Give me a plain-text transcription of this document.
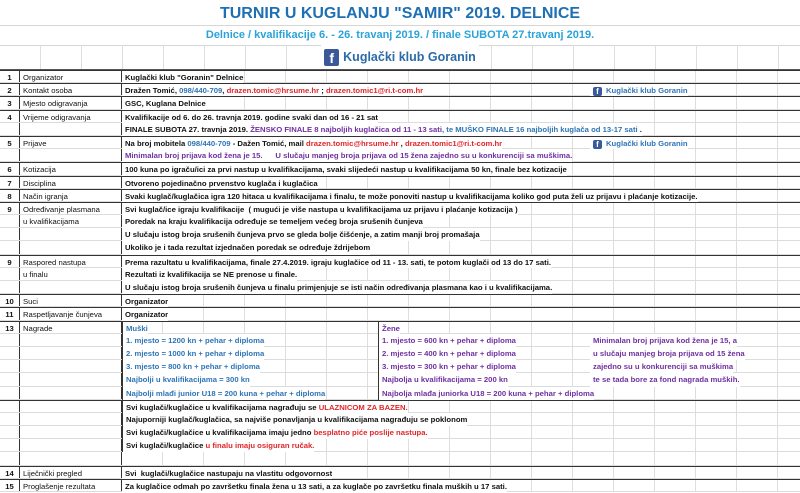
TURNIR U KUGLANJU "SAMIR" 2019. DELNICE
Delnice / kvalifikacije 6. - 26. travanj 2019. / finale SUBOTA 27.travanj 2019.
f Kuglački klub Goranin
1	Organizator	Kuglački klub "Goranin" Delnice
2	Kontakt osoba	Dražen Tomić, 098/440-709, drazen.tomic@hrsume.hr ; drazen.tomic1@ri.t-com.hr	f Kuglački klub Goranin
3	Mjesto odigravanja	GSC, Kuglana Delnice
4	Vrijeme odigravanja	Kvalifikacije od 6. do 26. travnja 2019. godine svaki dan od 16 - 21 sat
FINALE SUBOTA 27. travnja 2019. ŽENSKO FINALE 8 najboljih kuglačica od 11 - 13 sati, te MUŠKO FINALE 16 najboljih kuglača od 13-17 sati .
5	Prijave	Na broj mobitela 098/440-709 - Dažen Tomić, mail drazen.tomic@hrsume.hr , drazen.tomic1@ri.t-com.hr	f Kuglački klub Goranin
Minimalan broj prijava kod žena je 15.      U slučaju manjeg broja prijava od 15 žena zajedno su u konkurenciji sa muškima.
6	Kotizacija	100 kuna po igraču/ici za prvi nastup u kvalifikacijama, svaki slijedeći nastup u kvalifikacijama 50 kn, finale bez kotizacije
7	Disciplina	Otvoreno pojedinačno prvenstvo kuglača i kuglačica
8	Način igranja	Svaki kuglač/kuglačica igra 120 hitaca u kvalifikacijama i finalu, te može ponoviti nastup u kvalifikacijama koliko god puta želi uz prijavu i plaćanje kotizacije.
9	Određivanje plasmana	Svi kuglač/ice igraju kvalifikacije  ( mugući je više nastupa u kvalifikacijama uz prijavu i plaćanje kotizacija )
u kvalifikacijama	Poredak na kraju kvalifikacija određuje se temeljem većeg broja srušenih čunjeva
U slučaju istog broja srušenih čunjeva prvo se gleda bolje čišćenje, a zatim manji broj promašaja
Ukoliko je i tada rezultat izjednačen poredak se određuje ždrijebom
9	Raspored nastupa	Prema razultatu u kvalifikacijama, finale 27.4.2019. igraju kuglačice od 11 - 13. sati, te potom kuglači od 13 do 17 sati.
u finalu	Rezultati iz kvalifikacija se NE prenose u finale.
U slučaju istog broja srušenih čunjeva u finalu primjenjuje se isti način određivanja plasmana kao i u kvalifikacijama.
10	Suci	Organizator
11	Raspetljavanje čunjeva	Organizator
13	Nagrade	Muški	Žene
1. mjesto = 1200 kn + pehar + diploma	1. mjesto = 600 kn + pehar + diploma	Minimalan broj prijava kod žena je 15, a
2. mjesto = 1000 kn + pehar + diploma	2. mjesto = 400 kn + pehar + diploma	u slučaju manjeg broja prijava od 15 žena
3. mjesto = 800 kn + pehar + diploma	3. mjesto = 300 kn + pehar + diploma	zajedno su u konkurenciji sa muškima
Najbolji u kvalifikacijama = 300 kn	Najbolja u kvalifikacijama = 200 kn	te se tada bore za fond nagrada muških.
Najbolji mlađi junior U18 = 200 kuna + pehar + diploma	Najbolja mlađa juniorka U18 = 200 kuna + pehar + diploma
Svi kuglači/kuglačice u kvalifikacijama nagrađuju se ULAZNICOM ZA BAZEN.
Najuporniji kuglač/kuglačica, sa najviše ponavljanja u kvalifikacijama nagrađuju se poklonom
Svi kuglači/kuglačice u kvalifikacijama imaju jedno besplatno piće poslije nastupa.
Svi kuglači/kuglačice u finalu imaju osiguran ručak.
14	Liječnički pregled	Svi  kuglači/kuglačice nastupaju na vlastitu odgovornost
15	Proglašenje rezultata	Za kuglačice odmah po završetku finala žena u 13 sati, a za kuglače po završetku finala muških u 17 sati.
